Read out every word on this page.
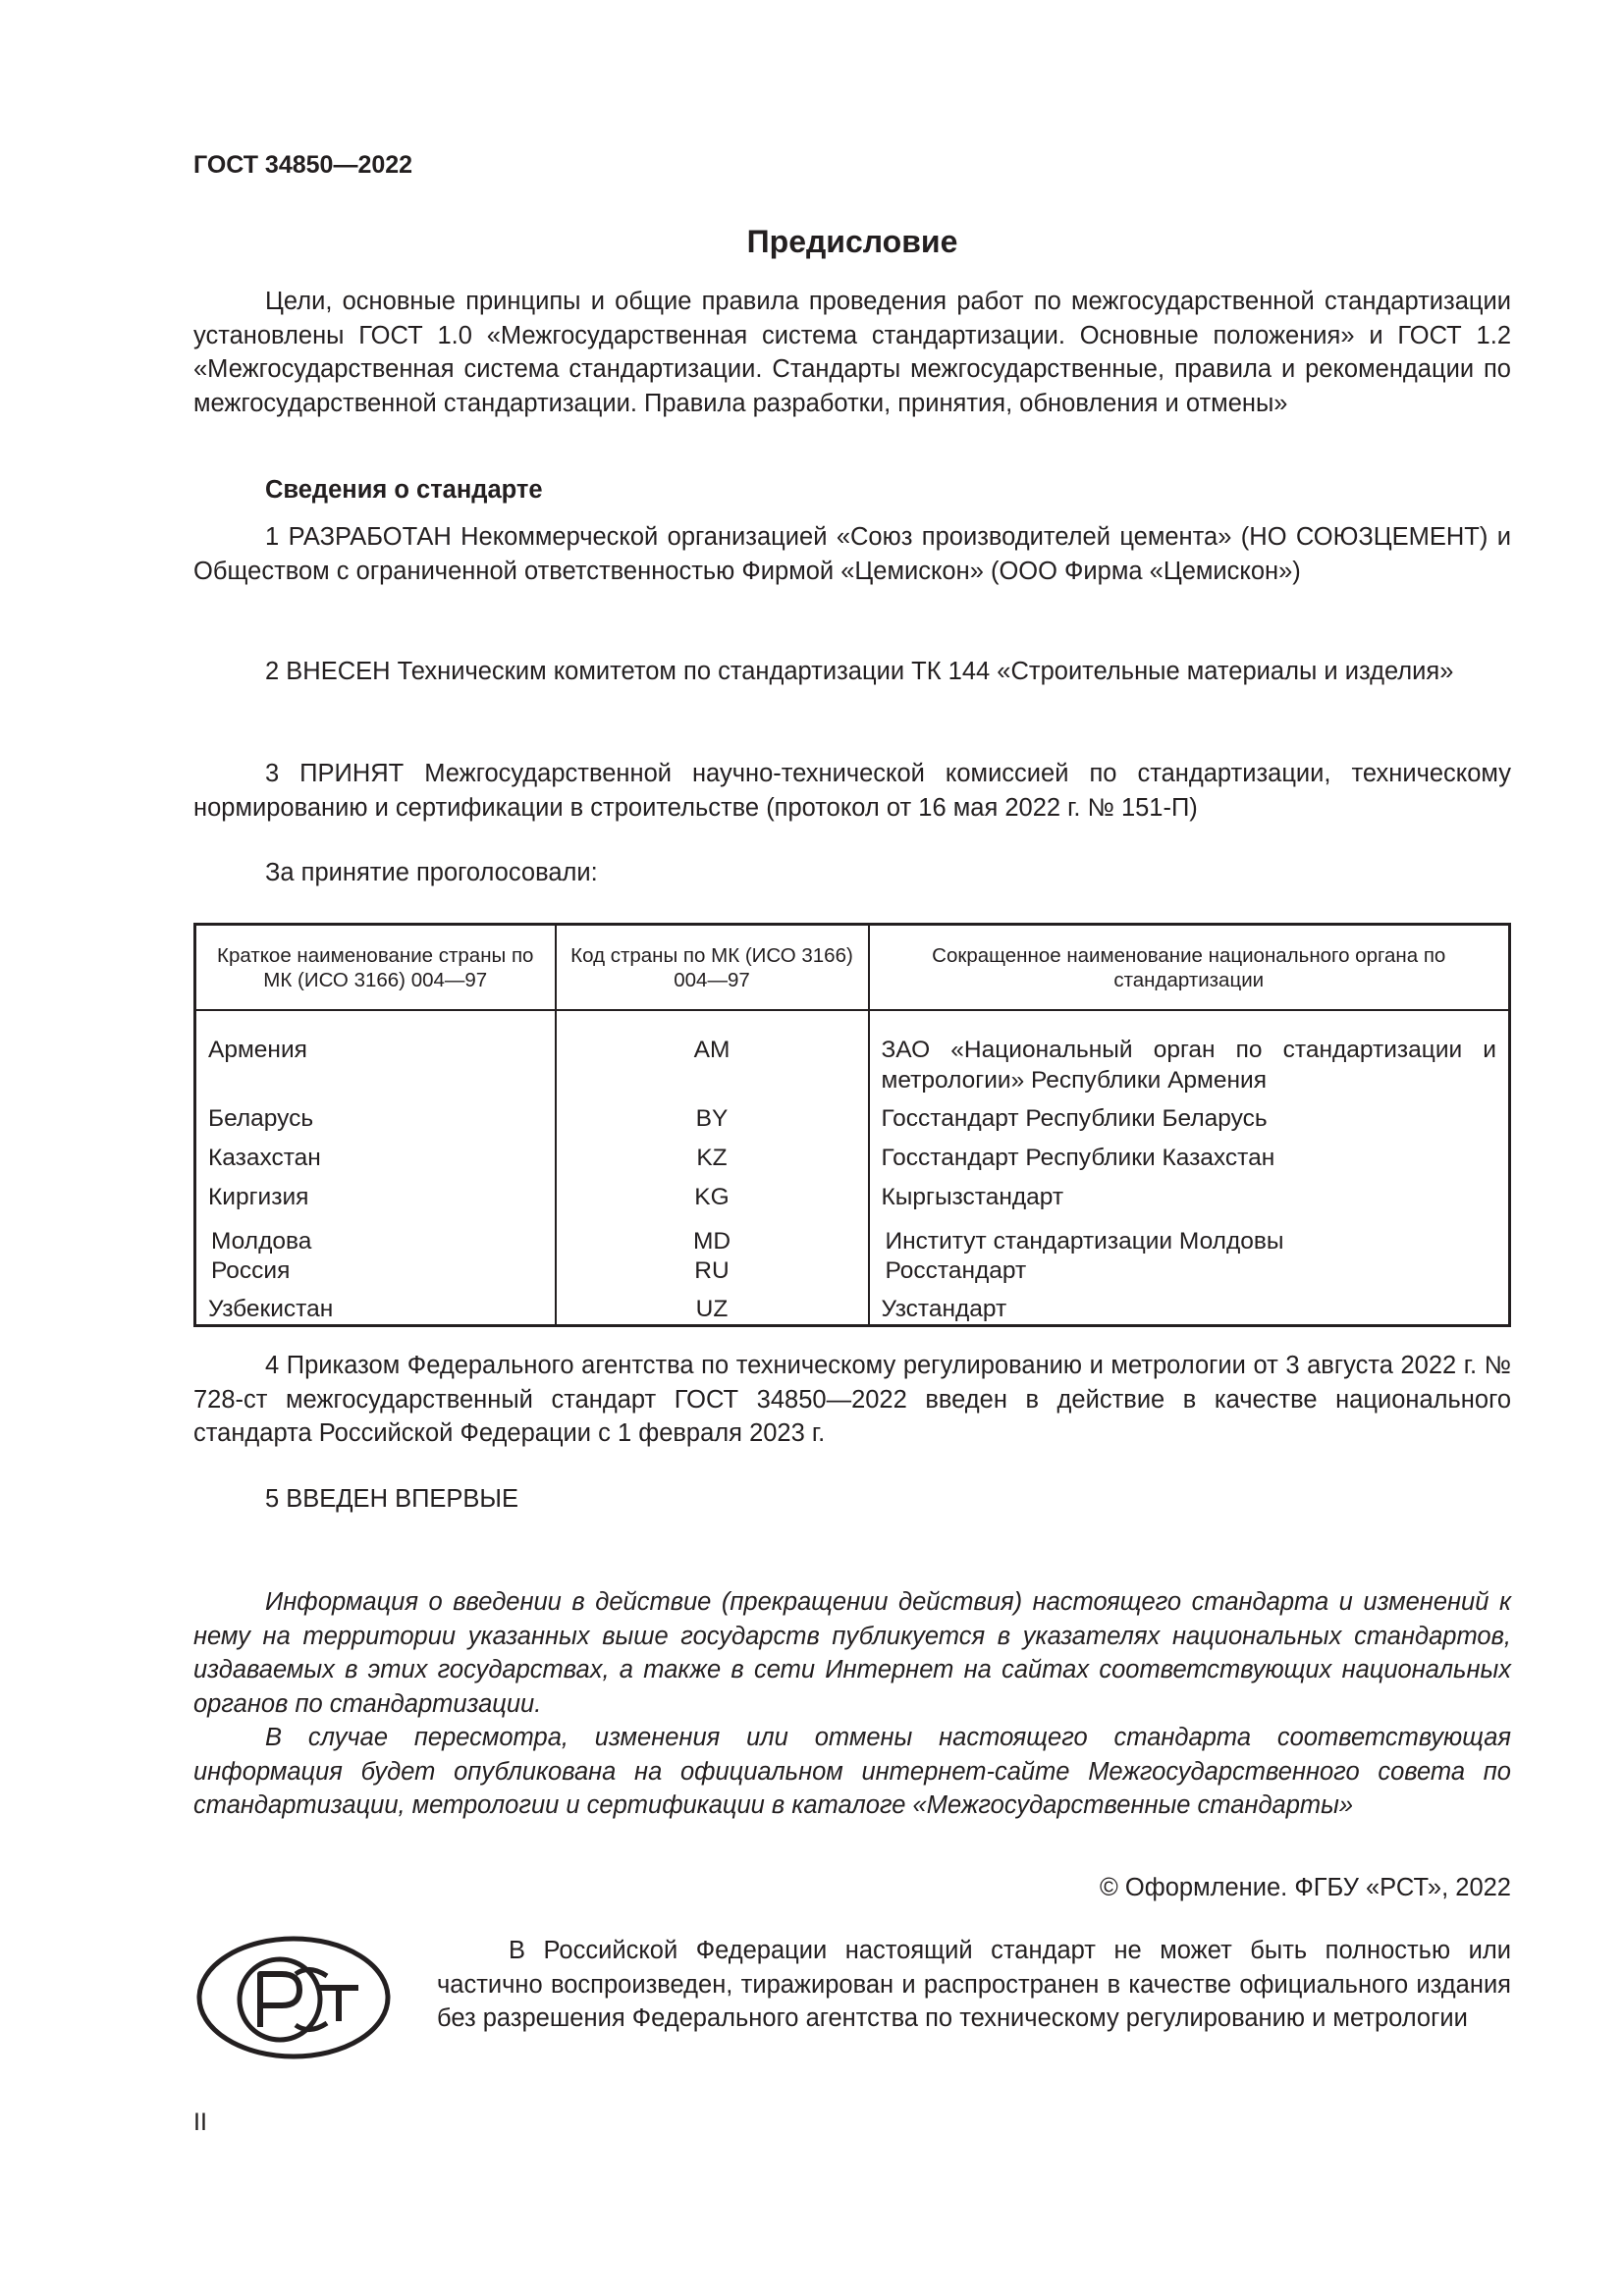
ГОСТ 34850—2022
Предисловие

Цели, основные принципы и общие правила проведения работ по межгосударственной стандартизации установлены ГОСТ 1.0 «Межгосударственная система стандартизации. Основные положения» и ГОСТ 1.2 «Межгосударственная система стандартизации. Стандарты межгосударственные, правила и рекомендации по межгосударственной стандартизации. Правила разработки, принятия, обновления и отмены»

Сведения о стандарте

1 РАЗРАБОТАН Некоммерческой организацией «Союз производителей цемента» (НО СОЮЗЦЕМЕНТ) и Обществом с ограниченной ответственностью Фирмой «Цемискон» (ООО Фирма «Цемискон»)

2 ВНЕСЕН Техническим комитетом по стандартизации ТК 144 «Строительные материалы и изделия»

3 ПРИНЯТ Межгосударственной научно-технической комиссией по стандартизации, техническому нормированию и сертификации в строительстве (протокол от 16 мая 2022 г. № 151-П)

За принятие проголосовали:
Краткое наименование страны по МК (ИСО 3166) 004—97	Код страны по МК (ИСО 3166) 004—97	Сокращенное наименование национального органа по стандартизации
Армения	AM	ЗАО «Национальный орган по стандартизации и метрологии» Республики Армения
Беларусь	BY	Госстандарт Республики Беларусь
Казахстан	KZ	Госстандарт Республики Казахстан
Киргизия	KG	Кыргызстандарт
Молдова	MD	Институт стандартизации Молдовы
Россия	RU	Росстандарт
Узбекистан	UZ	Узстандарт

4 Приказом Федерального агентства по техническому регулированию и метрологии от 3 августа 2022 г. № 728-ст межгосударственный стандарт ГОСТ 34850—2022 введен в действие в качестве национального стандарта Российской Федерации с 1 февраля 2023 г.

5 ВВЕДЕН ВПЕРВЫЕ

Информация о введении в действие (прекращении действия) настоящего стандарта и изменений к нему на территории указанных выше государств публикуется в указателях национальных стандартов, издаваемых в этих государствах, а также в сети Интернет на сайтах соответствующих национальных органов по стандартизации.

В случае пересмотра, изменения или отмены настоящего стандарта соответствующая информация будет опубликована на официальном интернет-сайте Межгосударственного совета по стандартизации, метрологии и сертификации в каталоге «Межгосударственные стандарты»

© Оформление. ФГБУ «РСТ», 2022

В Российской Федерации настоящий стандарт не может быть полностью или частично воспроизведен, тиражирован и распространен в качестве официального издания без разрешения Федерального агентства по техническому регулированию и метрологии

II
